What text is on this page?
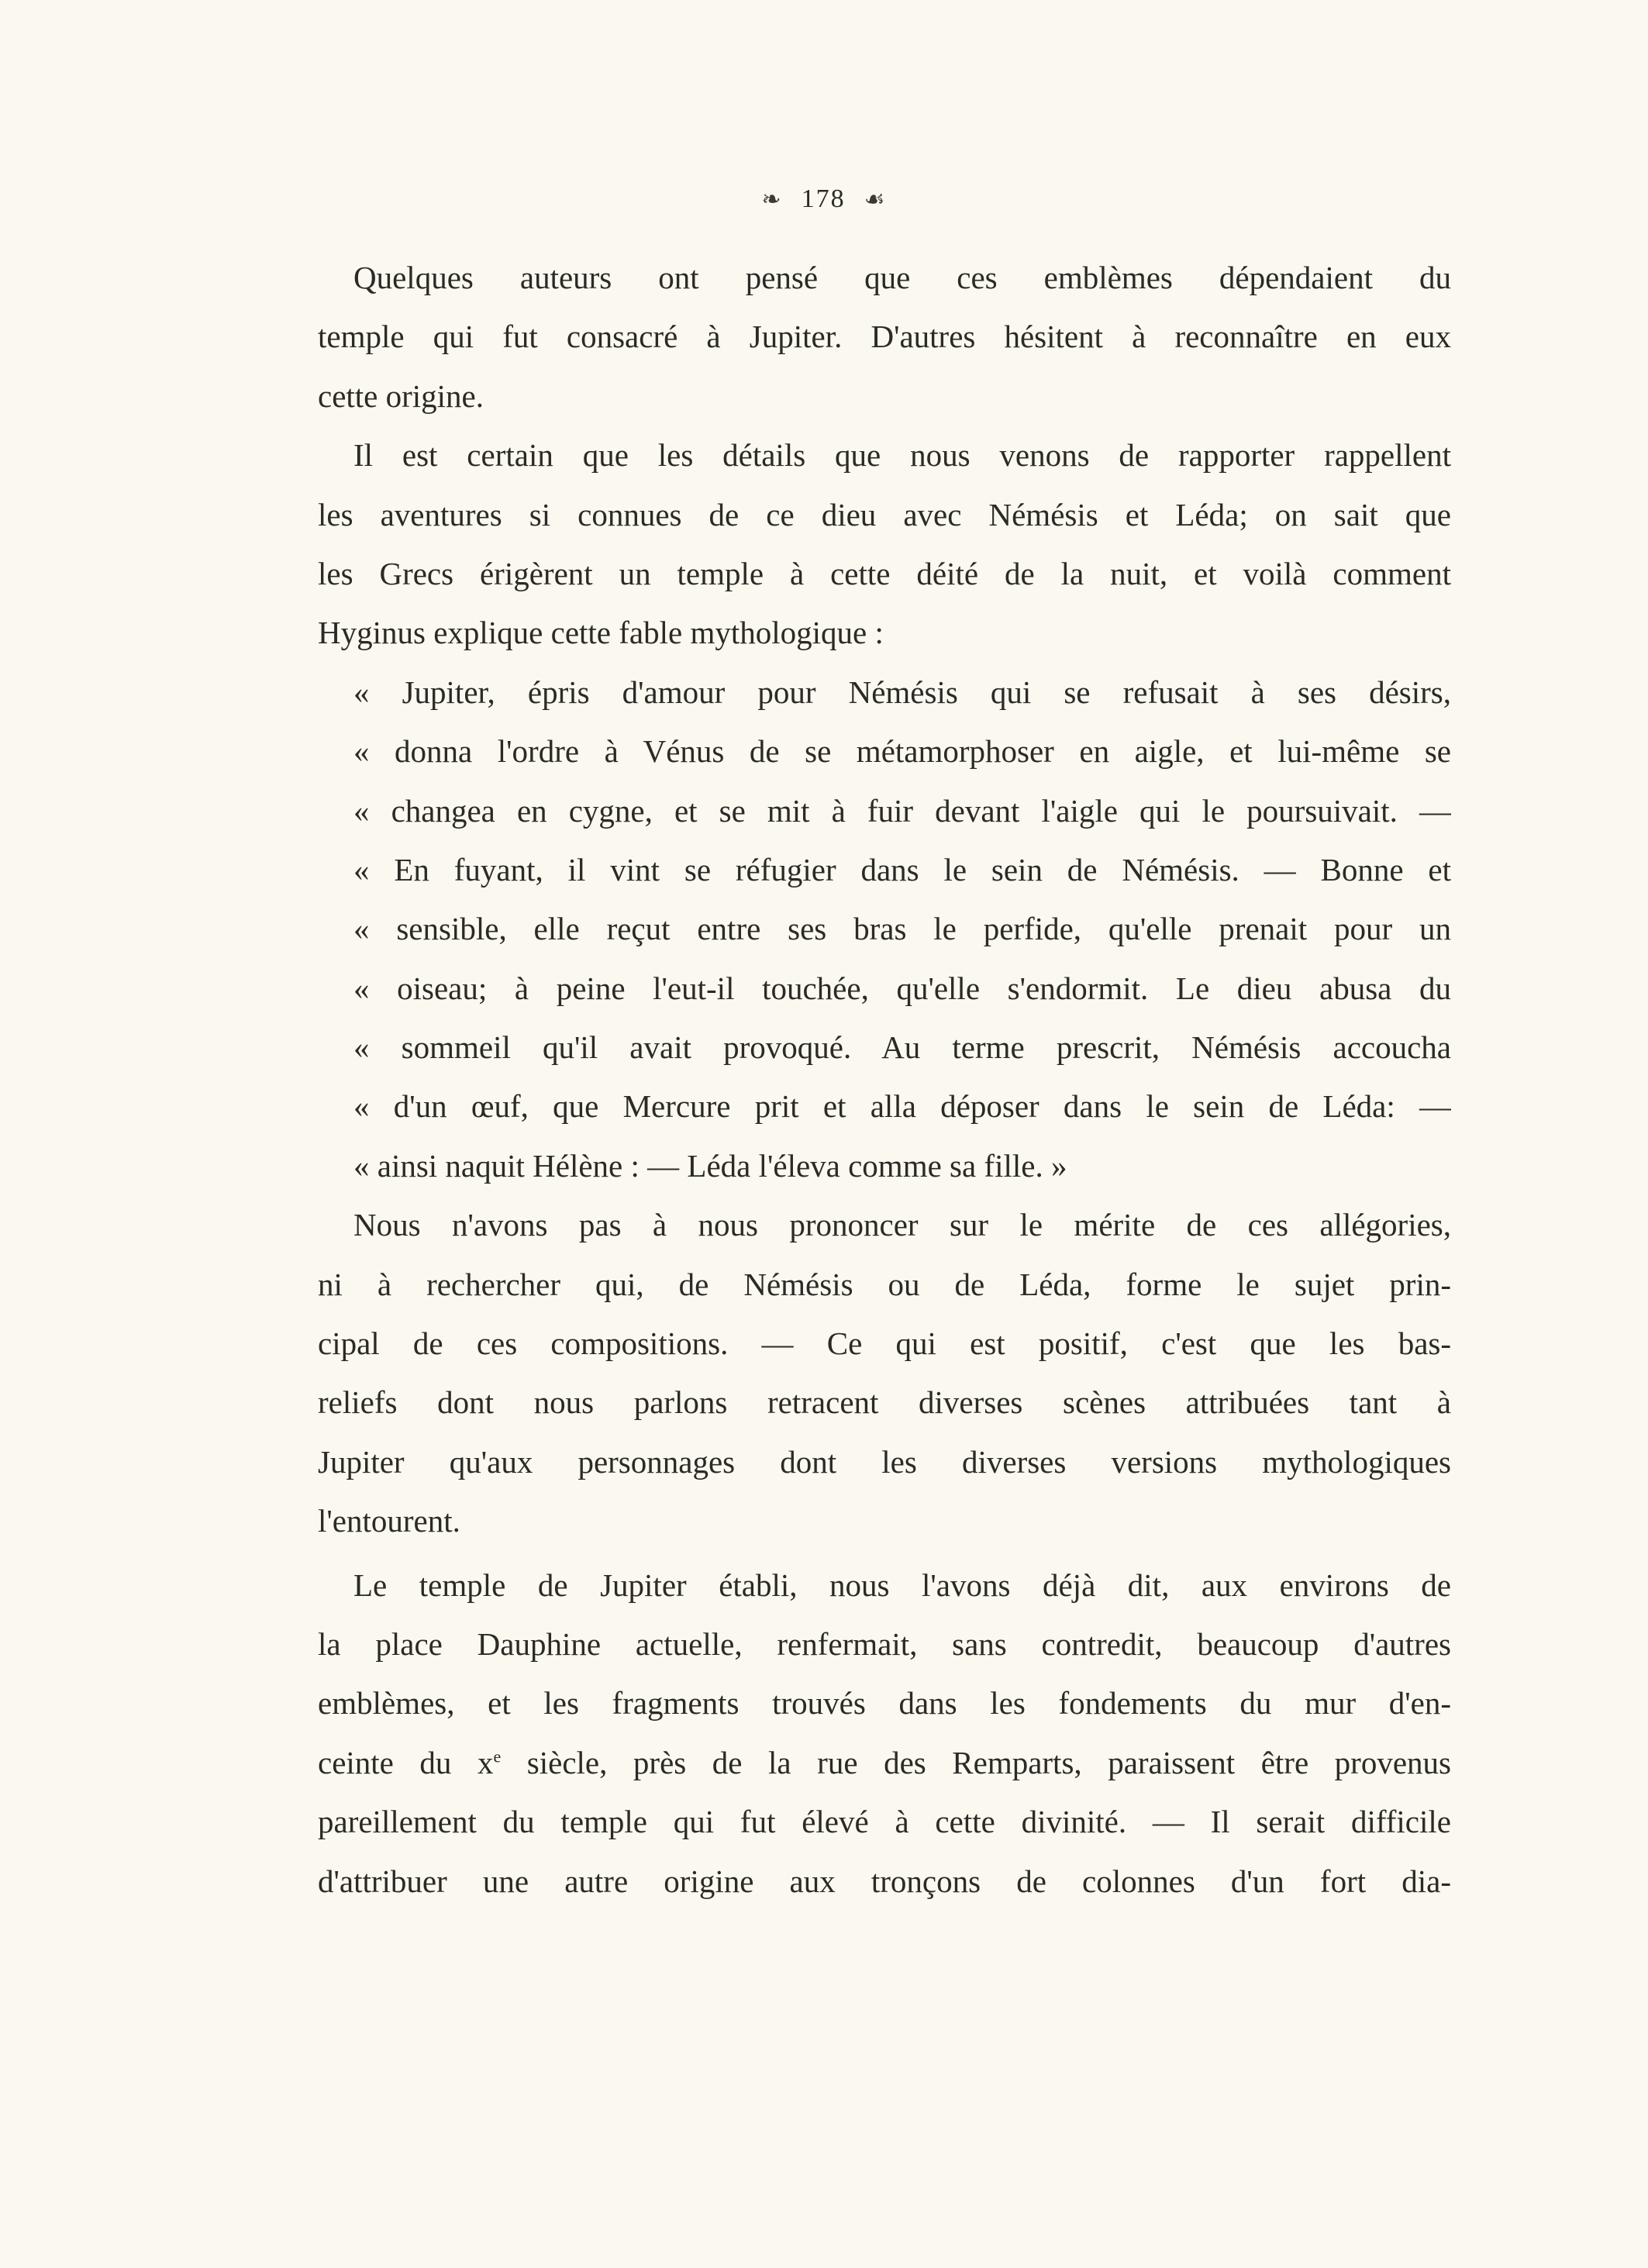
❧ 178 ☙
Quelques auteurs ont pensé que ces emblèmes dépendaient du
temple qui fut consacré à Jupiter. D'autres hésitent à reconnaître en eux
cette origine.
Il est certain que les détails que nous venons de rapporter rappellent
les aventures si connues de ce dieu avec Némésis et Léda; on sait que
les Grecs érigèrent un temple à cette déité de la nuit, et voilà comment
Hyginus explique cette fable mythologique :
« Jupiter, épris d'amour pour Némésis qui se refusait à ses désirs,
« donna l'ordre à Vénus de se métamorphoser en aigle, et lui-même se
« changea en cygne, et se mit à fuir devant l'aigle qui le poursuivait. —
« En fuyant, il vint se réfugier dans le sein de Némésis. — Bonne et
« sensible, elle reçut entre ses bras le perfide, qu'elle prenait pour un
« oiseau; à peine l'eut-il touchée, qu'elle s'endormit. Le dieu abusa du
« sommeil qu'il avait provoqué. Au terme prescrit, Némésis accoucha
« d'un œuf, que Mercure prit et alla déposer dans le sein de Léda: —
« ainsi naquit Hélène : — Léda l'éleva comme sa fille. »
Nous n'avons pas à nous prononcer sur le mérite de ces allégories,
ni à rechercher qui, de Némésis ou de Léda, forme le sujet prin-
cipal de ces compositions. — Ce qui est positif, c'est que les bas-
reliefs dont nous parlons retracent diverses scènes attribuées tant à
Jupiter qu'aux personnages dont les diverses versions mythologiques
l'entourent.
Le temple de Jupiter établi, nous l'avons déjà dit, aux environs de
la place Dauphine actuelle, renfermait, sans contredit, beaucoup d'autres
emblèmes, et les fragments trouvés dans les fondements du mur d'en-
ceinte du $x^e$ siècle, près de la rue des Remparts, paraissent être provenus
pareillement du temple qui fut élevé à cette divinité. — Il serait difficile
d'attribuer une autre origine aux tronçons de colonnes d'un fort dia-
